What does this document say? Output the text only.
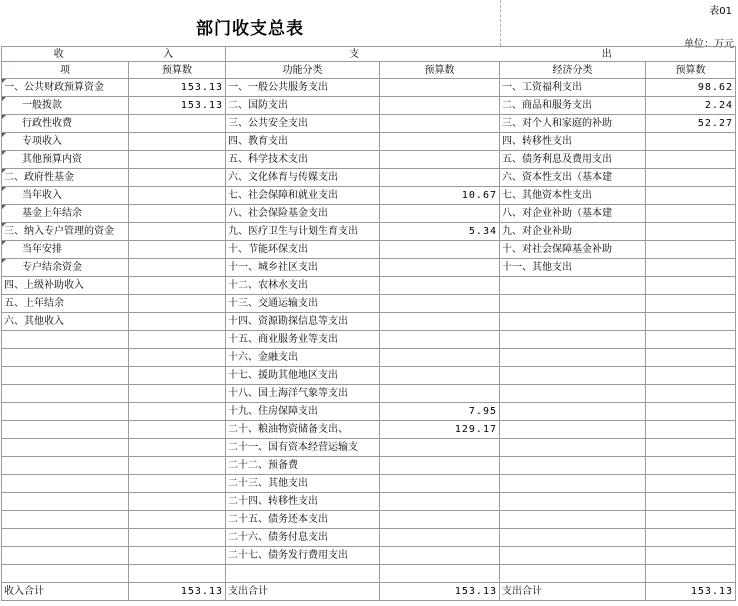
部门收支总表
表01
单位：万元
收 入		支 出			

项	预算数	功能分类	预算数	经济分类	预算数
一、公共财政预算资金	153.13	一、一般公共服务支出		一、工资福利支出	98.62
一般拨款	153.13	二、国防支出		二、商品和服务支出	2.24
行政性收费		三、公共安全支出		三、对个人和家庭的补助	52.27
专项收入		四、教育支出		四、转移性支出	
其他预算内资		五、科学技术支出		五、债务利息及费用支出	
二、政府性基金		六、文化体育与传媒支出		六、资本性支出（基本建	
当年收入		七、社会保障和就业支出	10.67	七、其他资本性支出	
基金上年结余		八、社会保险基金支出		八、对企业补助（基本建	
三、纳入专户管理的资金		九、医疗卫生与计划生育支出	5.34	九、对企业补助	
当年安排		十、节能环保支出		十、对社会保障基金补助	
专户结余资金		十一、城乡社区支出		十一、其他支出	
四、上级补助收入		十二、农林水支出			
五、上年结余		十三、交通运输支出			
六、其他收入		十四、资源勘探信息等支出			
		十五、商业服务业等支出			
		十六、金融支出			
		十七、援助其他地区支出			
		十八、国土海洋气象等支出			
		十九、住房保障支出	7.95		
		二十、粮油物资储备支出、	129.17		
		二十一、国有资本经营运输支			
		二十二、预备费			
		二十三、其他支出			
		二十四、转移性支出			
		二十五、债务还本支出			
		二十六、债务付息支出			
		二十七、债务发行费用支出			

收入合计	153.13	支出合计	153.13	支出合计	153.13
